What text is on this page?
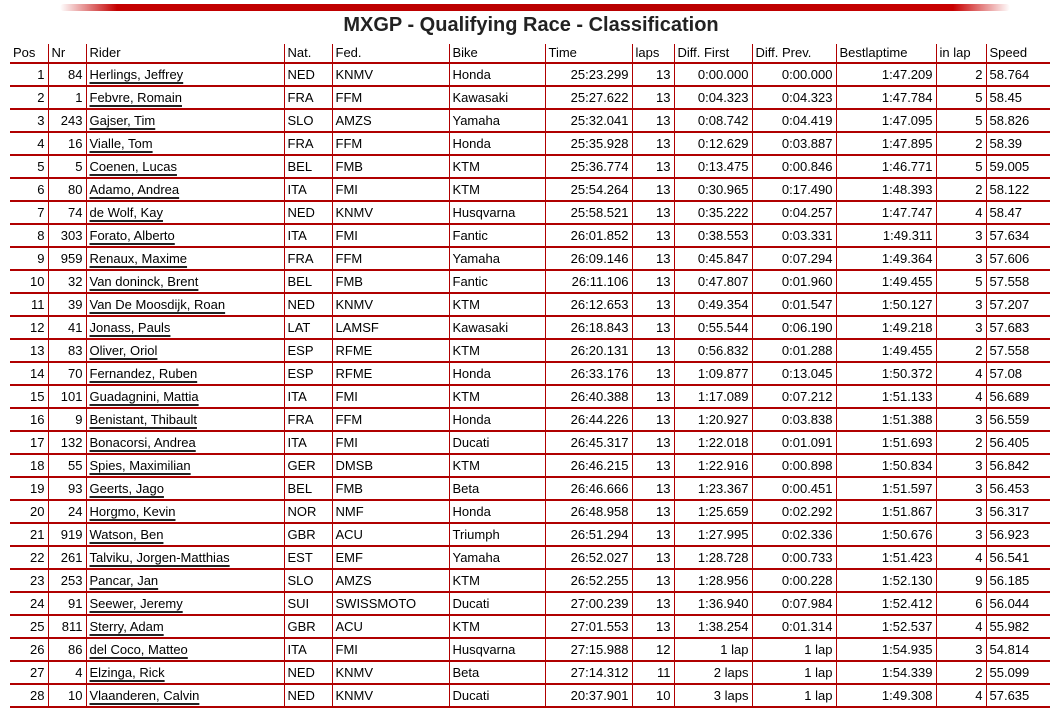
MXGP - Qualifying Race - Classification
Pos	Nr	Rider	Nat.	Fed.	Bike	Time	laps	Diff. First	Diff. Prev.	Bestlaptime	in lap	Speed
1	84	Herlings, Jeffrey	NED	KNMV	Honda	25:23.299	13	0:00.000	0:00.000	1:47.209	2	58.764
2	1	Febvre, Romain	FRA	FFM	Kawasaki	25:27.622	13	0:04.323	0:04.323	1:47.784	5	58.45
3	243	Gajser, Tim	SLO	AMZS	Yamaha	25:32.041	13	0:08.742	0:04.419	1:47.095	5	58.826
4	16	Vialle, Tom	FRA	FFM	Honda	25:35.928	13	0:12.629	0:03.887	1:47.895	2	58.39
5	5	Coenen, Lucas	BEL	FMB	KTM	25:36.774	13	0:13.475	0:00.846	1:46.771	5	59.005
6	80	Adamo, Andrea	ITA	FMI	KTM	25:54.264	13	0:30.965	0:17.490	1:48.393	2	58.122
7	74	de Wolf, Kay	NED	KNMV	Husqvarna	25:58.521	13	0:35.222	0:04.257	1:47.747	4	58.47
8	303	Forato, Alberto	ITA	FMI	Fantic	26:01.852	13	0:38.553	0:03.331	1:49.311	3	57.634
9	959	Renaux, Maxime	FRA	FFM	Yamaha	26:09.146	13	0:45.847	0:07.294	1:49.364	3	57.606
10	32	Van doninck, Brent	BEL	FMB	Fantic	26:11.106	13	0:47.807	0:01.960	1:49.455	5	57.558
11	39	Van De Moosdijk, Roan	NED	KNMV	KTM	26:12.653	13	0:49.354	0:01.547	1:50.127	3	57.207
12	41	Jonass, Pauls	LAT	LAMSF	Kawasaki	26:18.843	13	0:55.544	0:06.190	1:49.218	3	57.683
13	83	Oliver, Oriol	ESP	RFME	KTM	26:20.131	13	0:56.832	0:01.288	1:49.455	2	57.558
14	70	Fernandez, Ruben	ESP	RFME	Honda	26:33.176	13	1:09.877	0:13.045	1:50.372	4	57.08
15	101	Guadagnini, Mattia	ITA	FMI	KTM	26:40.388	13	1:17.089	0:07.212	1:51.133	4	56.689
16	9	Benistant, Thibault	FRA	FFM	Honda	26:44.226	13	1:20.927	0:03.838	1:51.388	3	56.559
17	132	Bonacorsi, Andrea	ITA	FMI	Ducati	26:45.317	13	1:22.018	0:01.091	1:51.693	2	56.405
18	55	Spies, Maximilian	GER	DMSB	KTM	26:46.215	13	1:22.916	0:00.898	1:50.834	3	56.842
19	93	Geerts, Jago	BEL	FMB	Beta	26:46.666	13	1:23.367	0:00.451	1:51.597	3	56.453
20	24	Horgmo, Kevin	NOR	NMF	Honda	26:48.958	13	1:25.659	0:02.292	1:51.867	3	56.317
21	919	Watson, Ben	GBR	ACU	Triumph	26:51.294	13	1:27.995	0:02.336	1:50.676	3	56.923
22	261	Talviku, Jorgen-Matthias	EST	EMF	Yamaha	26:52.027	13	1:28.728	0:00.733	1:51.423	4	56.541
23	253	Pancar, Jan	SLO	AMZS	KTM	26:52.255	13	1:28.956	0:00.228	1:52.130	9	56.185
24	91	Seewer, Jeremy	SUI	SWISSMOTO	Ducati	27:00.239	13	1:36.940	0:07.984	1:52.412	6	56.044
25	811	Sterry, Adam	GBR	ACU	KTM	27:01.553	13	1:38.254	0:01.314	1:52.537	4	55.982
26	86	del Coco, Matteo	ITA	FMI	Husqvarna	27:15.988	12	1 lap	1 lap	1:54.935	3	54.814
27	4	Elzinga, Rick	NED	KNMV	Beta	27:14.312	11	2 laps	1 lap	1:54.339	2	55.099
28	10	Vlaanderen, Calvin	NED	KNMV	Ducati	20:37.901	10	3 laps	1 lap	1:49.308	4	57.635
